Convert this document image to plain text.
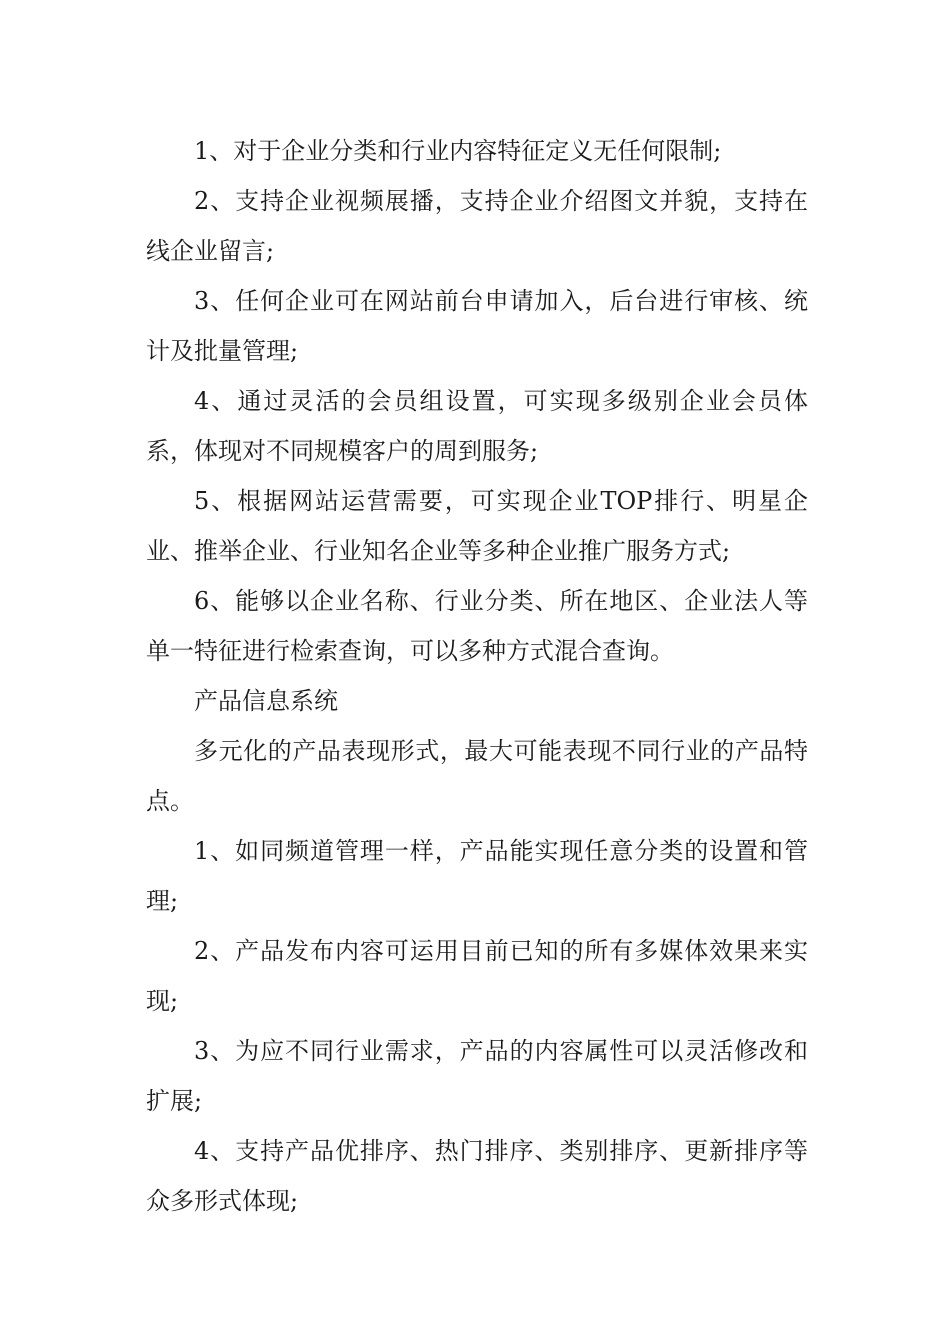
1、对于企业分类和行业内容特征定义无任何限制;

2、支持企业视频展播，支持企业介绍图文并貌，支持在线企业留言;

3、任何企业可在网站前台申请加入，后台进行审核、统计及批量管理;

4、通过灵活的会员组设置，可实现多级别企业会员体系，体现对不同规模客户的周到服务;

5、根据网站运营需要，可实现企业TOP排行、明星企业、推举企业、行业知名企业等多种企业推广服务方式;

6、能够以企业名称、行业分类、所在地区、企业法人等单一特征进行检索查询，可以多种方式混合查询。

产品信息系统

多元化的产品表现形式，最大可能表现不同行业的产品特点。

1、如同频道管理一样，产品能实现任意分类的设置和管理;

2、产品发布内容可运用目前已知的所有多媒体效果来实现;

3、为应不同行业需求，产品的内容属性可以灵活修改和扩展;

4、支持产品优排序、热门排序、类别排序、更新排序等众多形式体现;
